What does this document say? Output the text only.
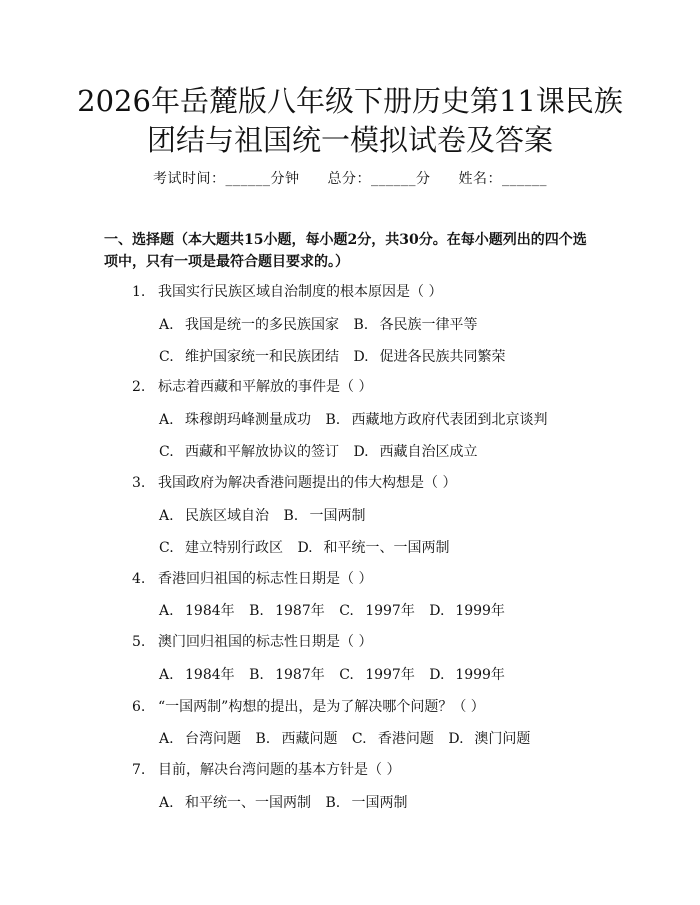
2026年岳麓版八年级下册历史第11课民族
团结与祖国统一模拟试卷及答案
考试时间：______分钟 总分：______分 姓名：______
一、选择题（本大题共15小题，每小题2分，共30分。在每小题列出的四个选
项中，只有一项是最符合题目要求的。）
1. 我国实行民族区域自治制度的根本原因是（ ）
A. 我国是统一的多民族国家 B. 各民族一律平等
C. 维护国家统一和民族团结 D. 促进各民族共同繁荣
2. 标志着西藏和平解放的事件是（ ）
A. 珠穆朗玛峰测量成功 B. 西藏地方政府代表团到北京谈判
C. 西藏和平解放协议的签订 D. 西藏自治区成立
3. 我国政府为解决香港问题提出的伟大构想是（ ）
A. 民族区域自治 B. 一国两制
C. 建立特别行政区 D. 和平统一、一国两制
4. 香港回归祖国的标志性日期是（ ）
A. 1984年 B. 1987年 C. 1997年 D. 1999年
5. 澳门回归祖国的标志性日期是（ ）
A. 1984年 B. 1987年 C. 1997年 D. 1999年
6. “一国两制”构想的提出，是为了解决哪个问题？（ ）
A. 台湾问题 B. 西藏问题 C. 香港问题 D. 澳门问题
7. 目前，解决台湾问题的基本方针是（ ）
A. 和平统一、一国两制 B. 一国两制
